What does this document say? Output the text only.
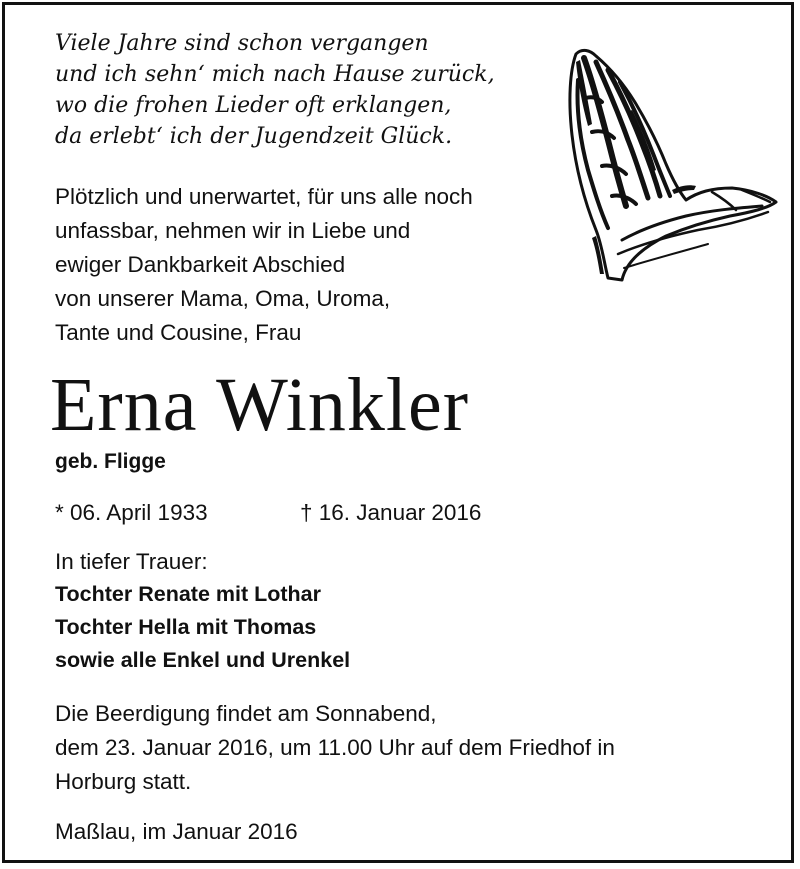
Viele Jahre sind schon vergangen
und ich sehn‘ mich nach Hause zurück,
wo die frohen Lieder oft erklangen,
da erlebt‘ ich der Jugendzeit Glück.
Plötzlich und unerwartet, für uns alle noch
unfassbar, nehmen wir in Liebe und
ewiger Dankbarkeit Abschied
von unserer Mama, Oma, Uroma,
Tante und Cousine, Frau
Erna Winkler
geb. Fligge
* 06. April 1933	† 16. Januar 2016
In tiefer Trauer:
Tochter Renate mit Lothar
Tochter Hella mit Thomas
sowie alle Enkel und Urenkel
Die Beerdigung findet am Sonnabend,
dem 23. Januar 2016, um 11.00 Uhr auf dem Friedhof in
Horburg statt.
Maßlau, im Januar 2016
